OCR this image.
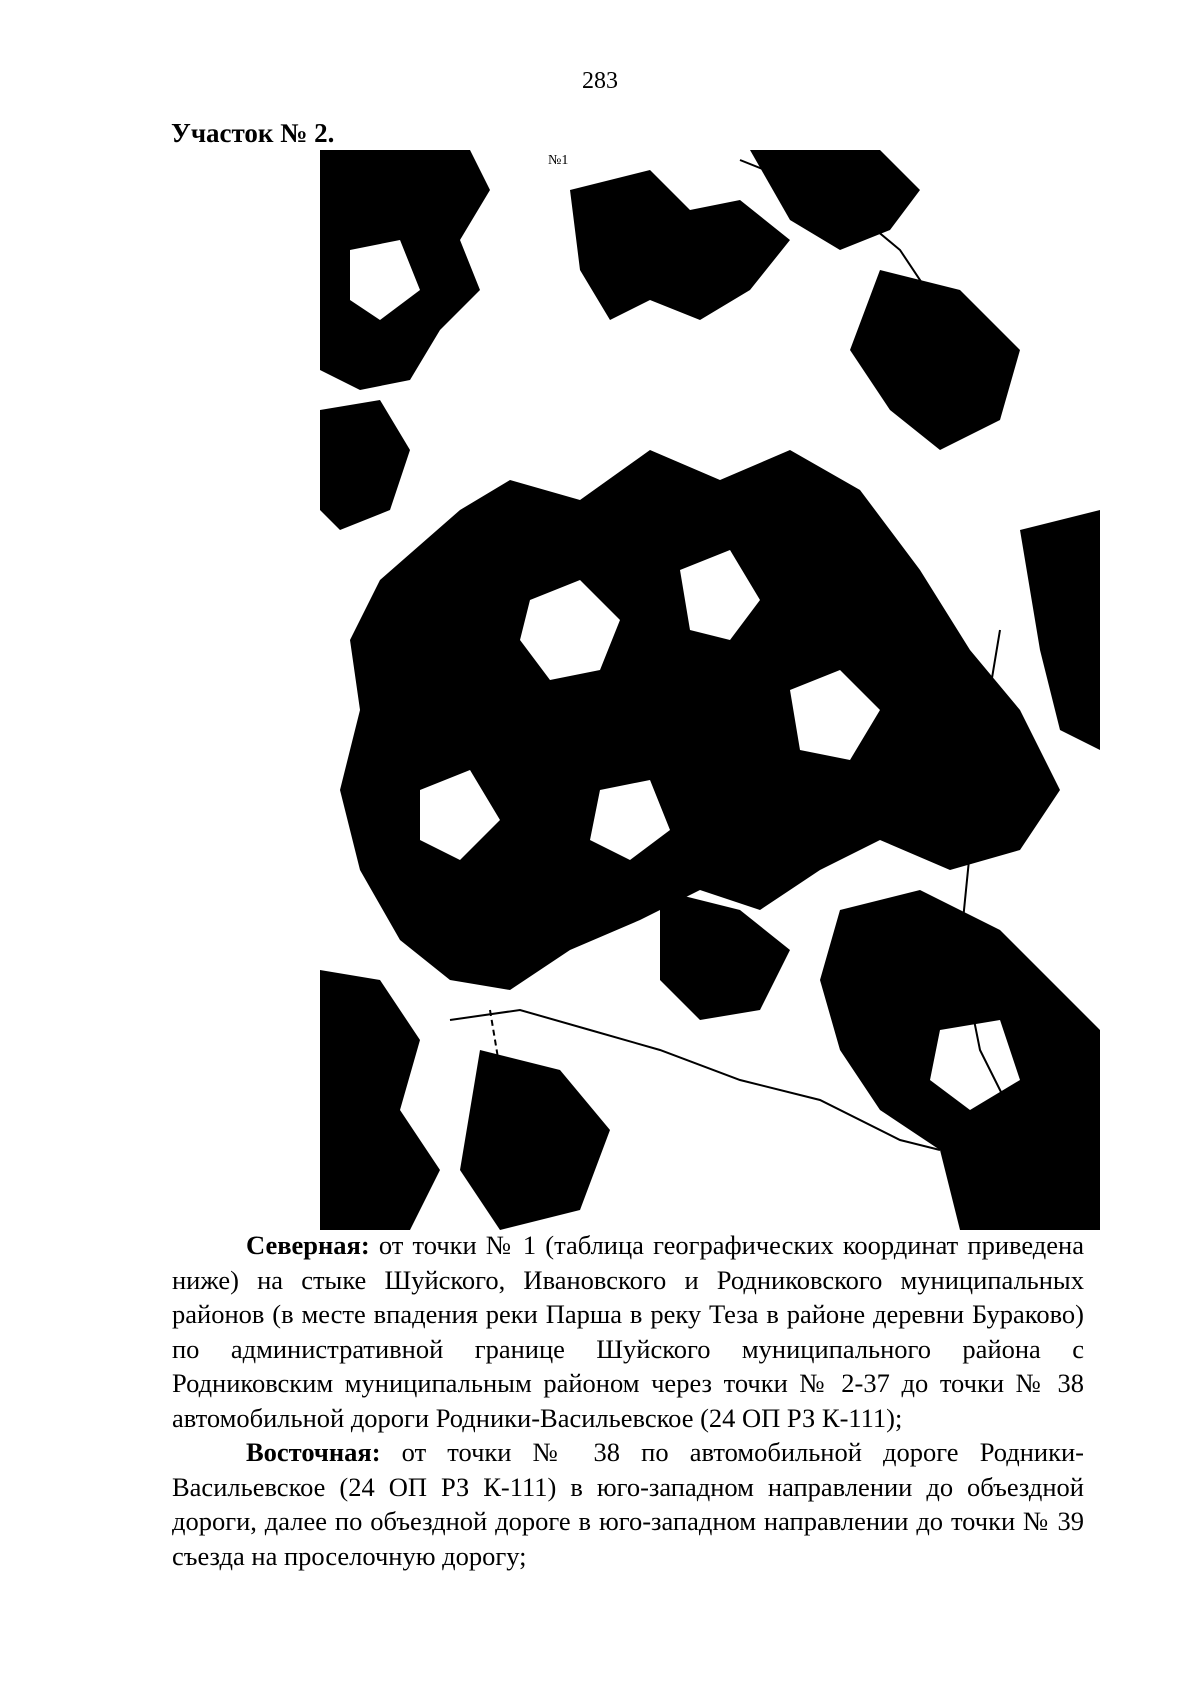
283
Участок № 2.
№1

Северная: от точки № 1 (таблица географических координат приведена ниже) на стыке Шуйского, Ивановского и Родниковского муниципальных районов (в месте впадения реки Парша в реку Теза в районе деревни Бураково) по административной границе Шуйского муниципального района с Родниковским муниципальным районом через точки № 2-37 до точки № 38 автомобильной дороги Родники-Васильевское (24 ОП РЗ К-111);

Восточная: от точки № 38 по автомобильной дороге Родники-Васильевское (24 ОП РЗ К-111) в юго-западном направлении до объездной дороги, далее по объездной дороге в юго-западном направлении до точки № 39 съезда на проселочную дорогу;
